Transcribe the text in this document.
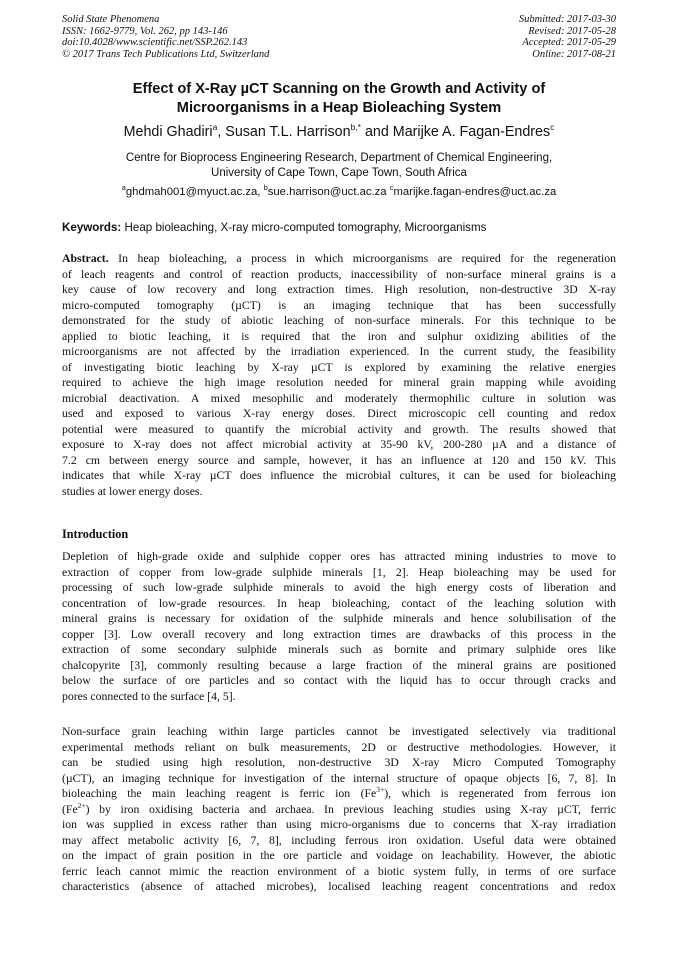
Solid State Phenomena
ISSN: 1662-9779, Vol. 262, pp 143-146
doi:10.4028/www.scientific.net/SSP.262.143
© 2017 Trans Tech Publications Ltd, Switzerland
Submitted: 2017-03-30
Revised: 2017-05-28
Accepted: 2017-05-29
Online: 2017-08-21
Effect of X-Ray µCT Scanning on the Growth and Activity of
Microorganisms in a Heap Bioleaching System
Mehdi Ghadiri$^a$, Susan T.L. Harrison$^{b,*}$ and Marijke A. Fagan-Endres$^c$
Centre for Bioprocess Engineering Research, Department of Chemical Engineering,
University of Cape Town, Cape Town, South Africa
$^a$ghdmah001@myuct.ac.za, $^b$sue.harrison@uct.ac.za $^c$marijke.fagan-endres@uct.ac.za
Keywords: Heap bioleaching, X-ray micro-computed tomography, Microorganisms
Abstract. In heap bioleaching, a process in which microorganisms are required for the regeneration
of leach reagents and control of reaction products, inaccessibility of non-surface mineral grains is a
key cause of low recovery and long extraction times. High resolution, non-destructive 3D X-ray
micro-computed tomography (µCT) is an imaging technique that has been successfully
demonstrated for the study of abiotic leaching of non-surface minerals. For this technique to be
applied to biotic leaching, it is required that the iron and sulphur oxidizing abilities of the
microorganisms are not affected by the irradiation experienced. In the current study, the feasibility
of investigating biotic leaching by X-ray µCT is explored by examining the relative energies
required to achieve the high image resolution needed for mineral grain mapping while avoiding
microbial deactivation. A mixed mesophilic and moderately thermophilic culture in solution was
used and exposed to various X-ray energy doses. Direct microscopic cell counting and redox
potential were measured to quantify the microbial activity and growth. The results showed that
exposure to X-ray does not affect microbial activity at 35-90 kV, 200-280 µA and a distance of
7.2 cm between energy source and sample, however, it has an influence at 120 and 150 kV. This
indicates that while X-ray µCT does influence the microbial cultures, it can be used for bioleaching
studies at lower energy doses.
Introduction
Depletion of high-grade oxide and sulphide copper ores has attracted mining industries to move to
extraction of copper from low-grade sulphide minerals [1, 2]. Heap bioleaching may be used for
processing of such low-grade sulphide minerals to avoid the high energy costs of liberation and
concentration of low-grade resources. In heap bioleaching, contact of the leaching solution with
mineral grains is necessary for oxidation of the sulphide minerals and hence solubilisation of the
copper [3]. Low overall recovery and long extraction times are drawbacks of this process in the
extraction of some secondary sulphide minerals such as bornite and primary sulphide ores like
chalcopyrite [3], commonly resulting because a large fraction of the mineral grains are positioned
below the surface of ore particles and so contact with the liquid has to occur through cracks and
pores connected to the surface [4, 5].
Non-surface grain leaching within large particles cannot be investigated selectively via traditional
experimental methods reliant on bulk measurements, 2D or destructive methodologies. However, it
can be studied using high resolution, non-destructive 3D X-ray Micro Computed Tomography
(µCT), an imaging technique for investigation of the internal structure of opaque objects [6, 7, 8]. In
bioleaching the main leaching reagent is ferric ion $(Fe^{3+})$, which is regenerated from ferrous ion
$(Fe^{2+})$ by iron oxidising bacteria and archaea. In previous leaching studies using X-ray µCT, ferric
ion was supplied in excess rather than using micro-organisms due to concerns that X-ray irradiation
may affect metabolic activity [6, 7, 8], including ferrous iron oxidation. Useful data were obtained
on the impact of grain position in the ore particle and voidage on leachability. However, the abiotic
ferric leach cannot mimic the reaction environment of a biotic system fully, in terms of ore surface
characteristics (absence of attached microbes), localised leaching reagent concentrations and redox
